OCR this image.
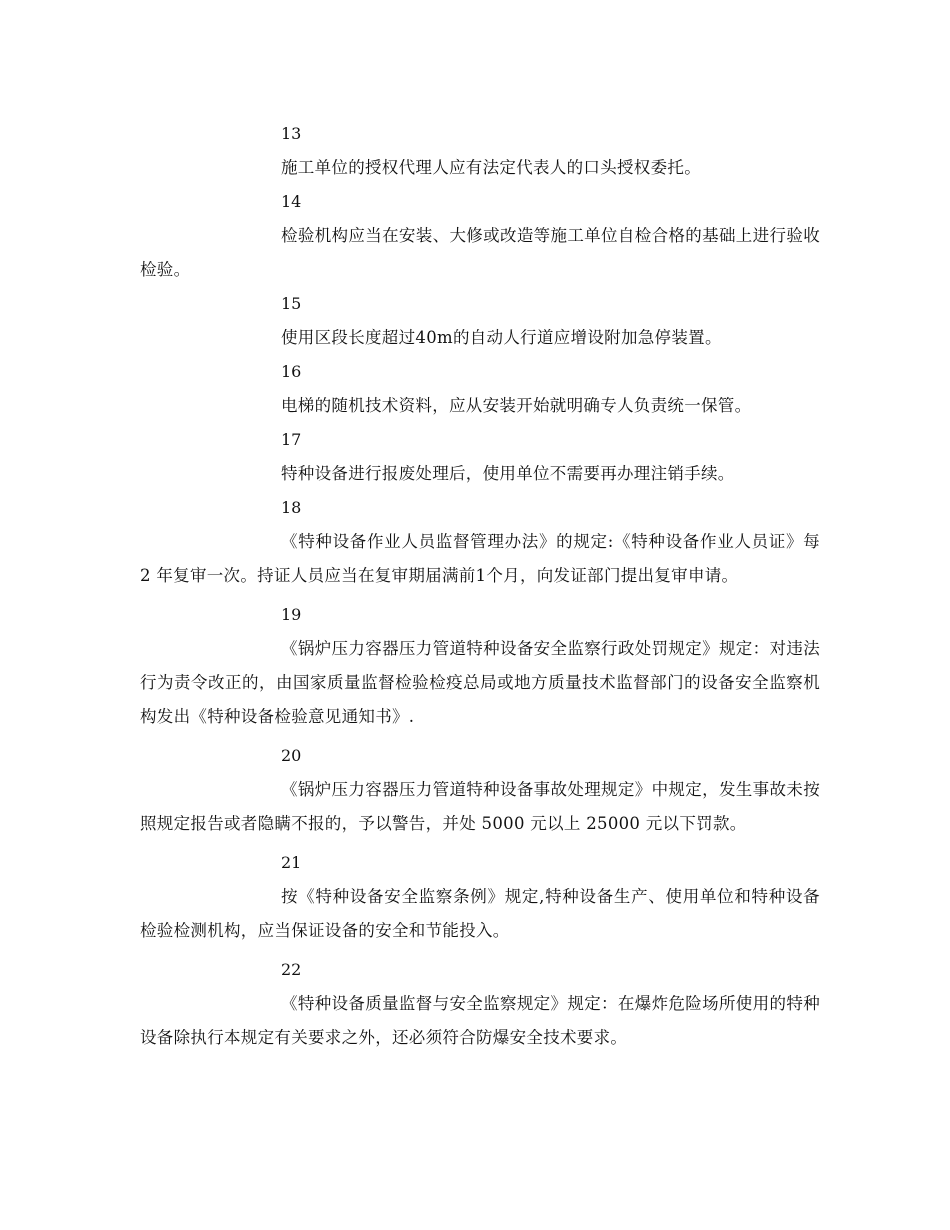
13

施工单位的授权代理人应有法定代表人的口头授权委托。

14

检验机构应当在安装、大修或改造等施工单位自检合格的基础上进行验收检验。

15

使用区段长度超过40m的自动人行道应增设附加急停装置。

16

电梯的随机技术资料，应从安装开始就明确专人负责统一保管。

17

特种设备进行报废处理后，使用单位不需要再办理注销手续。

18

《特种设备作业人员监督管理办法》的规定:《特种设备作业人员证》每 2 年复审一次。持证人员应当在复审期届满前1个月，向发证部门提出复审申请。

19

《锅炉压力容器压力管道特种设备安全监察行政处罚规定》规定：对违法行为责令改正的，由国家质量监督检验检疫总局或地方质量技术监督部门的设备安全监察机构发出《特种设备检验意见通知书》.

20

《锅炉压力容器压力管道特种设备事故处理规定》中规定，发生事故未按照规定报告或者隐瞒不报的，予以警告，并处 5000 元以上 25000 元以下罚款。

21

按《特种设备安全监察条例》规定,特种设备生产、使用单位和特种设备检验检测机构，应当保证设备的安全和节能投入。

22

《特种设备质量监督与安全监察规定》规定：在爆炸危险场所使用的特种设备除执行本规定有关要求之外，还必须符合防爆安全技术要求。
